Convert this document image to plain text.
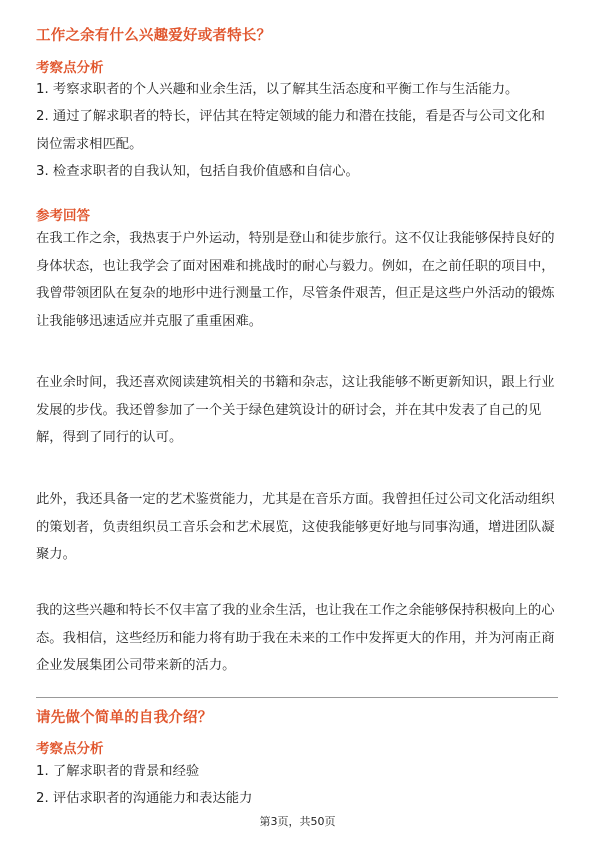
工作之余有什么兴趣爱好或者特长？
考察点分析
1. 考察求职者的个人兴趣和业余生活，以了解其生活态度和平衡工作与生活能力。
2. 通过了解求职者的特长，评估其在特定领域的能力和潜在技能，看是否与公司文化和岗位需求相匹配。
3. 检查求职者的自我认知，包括自我价值感和自信心。
参考回答
在我工作之余，我热衷于户外运动，特别是登山和徒步旅行。这不仅让我能够保持良好的身体状态，也让我学会了面对困难和挑战时的耐心与毅力。例如，在之前任职的项目中，我曾带领团队在复杂的地形中进行测量工作，尽管条件艰苦，但正是这些户外活动的锻炼让我能够迅速适应并克服了重重困难。
在业余时间，我还喜欢阅读建筑相关的书籍和杂志，这让我能够不断更新知识，跟上行业发展的步伐。我还曾参加了一个关于绿色建筑设计的研讨会，并在其中发表了自己的见解，得到了同行的认可。
此外，我还具备一定的艺术鉴赏能力，尤其是在音乐方面。我曾担任过公司文化活动组织的策划者，负责组织员工音乐会和艺术展览，这使我能够更好地与同事沟通，增进团队凝聚力。
我的这些兴趣和特长不仅丰富了我的业余生活，也让我在工作之余能够保持积极向上的心态。我相信，这些经历和能力将有助于我在未来的工作中发挥更大的作用，并为河南正商企业发展集团公司带来新的活力。
请先做个简单的自我介绍？
考察点分析
1. 了解求职者的背景和经验
2. 评估求职者的沟通能力和表达能力
第3页，共50页
